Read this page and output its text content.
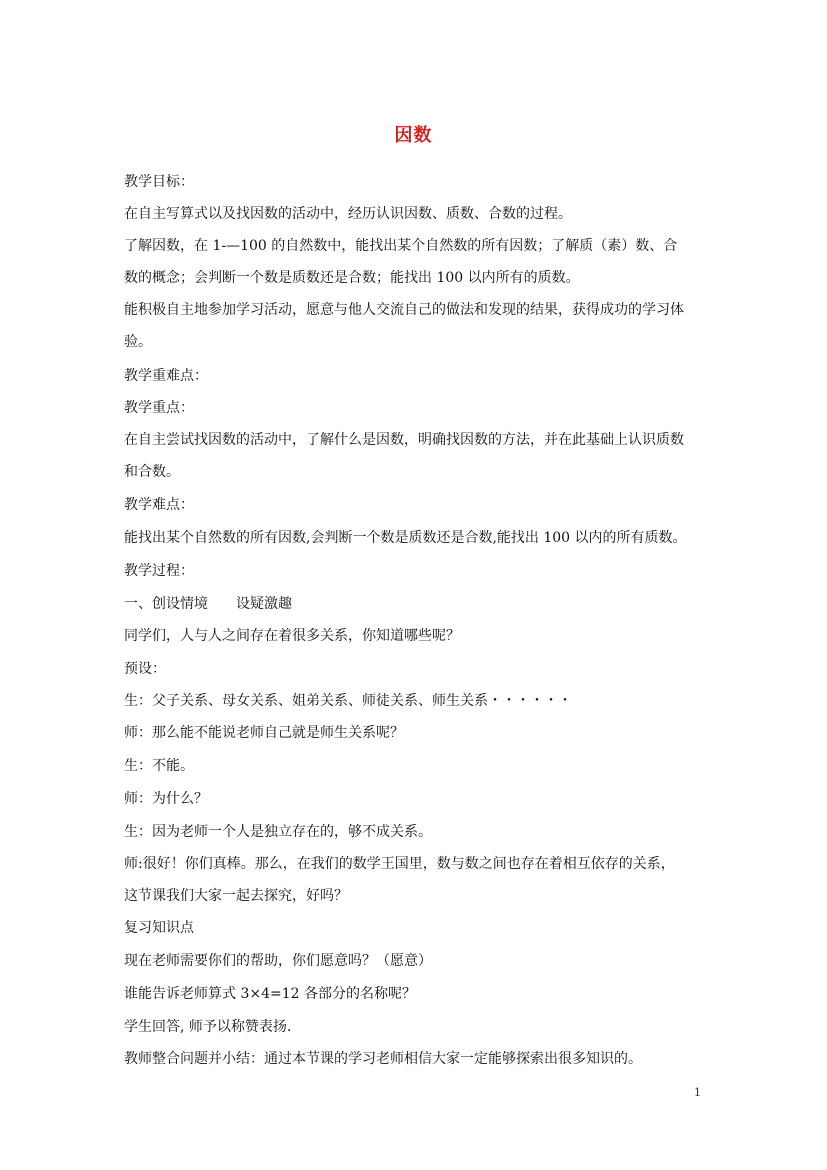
因数
教学目标：
在自主写算式以及找因数的活动中，经历认识因数、质数、合数的过程。
了解因数，在 1-—100 的自然数中，能找出某个自然数的所有因数；了解质（素）数、合
数的概念；会判断一个数是质数还是合数；能找出 100 以内所有的质数。
能积极自主地参加学习活动，愿意与他人交流自己的做法和发现的结果，获得成功的学习体
验。
教学重难点：
教学重点：
在自主尝试找因数的活动中，了解什么是因数，明确找因数的方法，并在此基础上认识质数
和合数。
教学难点：
能找出某个自然数的所有因数,会判断一个数是质数还是合数,能找出 100 以内的所有质数。
教学过程：
一、创设情境　　设疑激趣
同学们，人与人之间存在着很多关系，你知道哪些呢？
预设：
生：父子关系、母女关系、姐弟关系、师徒关系、师生关系・・・・・・
师：那么能不能说老师自己就是师生关系呢？
生：不能。
师：为什么？
生：因为老师一个人是独立存在的，够不成关系。
师:很好！你们真棒。那么，在我们的数学王国里，数与数之间也存在着相互依存的关系，
这节课我们大家一起去探究，好吗？
复习知识点
现在老师需要你们的帮助，你们愿意吗？（愿意）
谁能告诉老师算式 3×4=12 各部分的名称呢？
学生回答, 师予以称赞表扬.
教师整合问题并小结：通过本节课的学习老师相信大家一定能够探索出很多知识的。
1
